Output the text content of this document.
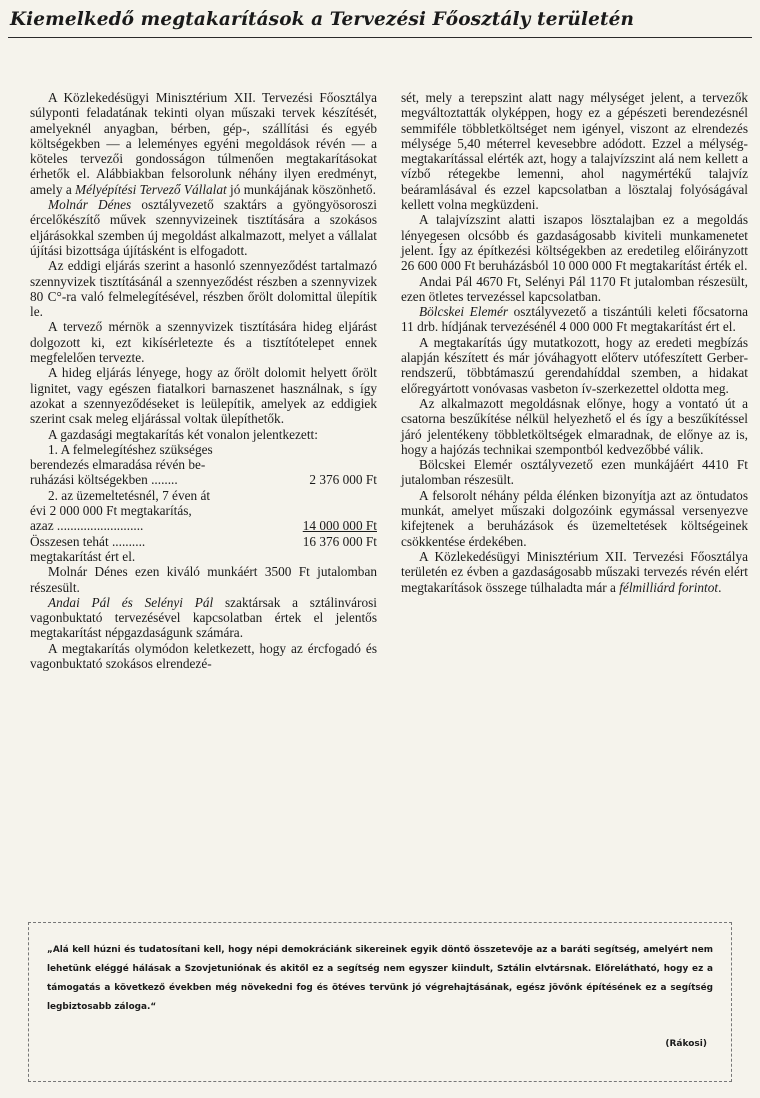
Kiemelkedő megtakarítások a Tervezési Főosztály területén

A Közlekedésügyi Minisztérium XII. Tervezési Főosztálya súlyponti feladatának tekinti olyan műszaki tervek készítését, amelyeknél anyagban, bérben, gép-, szállítási és egyéb költségekben — a leleményes egyéni megoldások révén — a köteles tervezői gondosságon túlmenően megtakarításokat érhetők el. Alábbiakban felsorolunk néhány ilyen eredményt, amely a Mélyépítési Tervező Vállalat jó munkájának köszönhető.

Molnár Dénes osztályvezető szaktárs a gyöngyösoroszi ércelőkészítő művek szennyvizeinek tisztítására a szokásos eljárásokkal szemben új megoldást alkalmazott, melyet a vállalat újítási bizottsága újításként is elfogadott.

Az eddigi eljárás szerint a hasonló szennyeződést tartalmazó szennyvizek tisztításánál a szennyeződést részben a szennyvizek 80 C°-ra való felmelegítésével, részben őrölt dolomittal ülepítik le.

A tervező mérnök a szennyvizek tisztítására hideg eljárást dolgozott ki, ezt kikísérletezte és a tisztítótelepet ennek megfelelően tervezte.

A hideg eljárás lényege, hogy az őrölt dolomit helyett őrölt lignitet, vagy egészen fiatalkori barnaszenet használnak, s így azokat a szennyeződéseket is leülepítik, amelyek az eddigiek szerint csak meleg eljárással voltak ülepíthetők.

A gazdasági megtakarítás két vonalon jelentkezett:

1. A felmelegítéshez szükséges
berendezés elmaradása révén be-
ruházási költségekben ........	2 376 000 Ft
2. az üzemeltetésnél, 7 éven át
évi 2 000 000 Ft megtakarítás,
azaz ..........................	14 000 000 Ft
Összesen tehát ..........	16 376 000 Ft

megtakarítást ért el.

Molnár Dénes ezen kiváló munkáért 3500 Ft jutalomban részesült.

Andai Pál és Selényi Pál szaktársak a sztálinvárosi vagonbuktató tervezésével kapcsolatban értek el jelentős megtakarítást népgazdaságunk számára.

A megtakarítás olymódon keletkezett, hogy az ércfogadó és vagonbuktató szokásos elrendezé-

sét, mely a terepszint alatt nagy mélységet jelent, a tervezők megváltoztatták olyképpen, hogy ez a gépészeti berendezésnél semmiféle többletköltséget nem igényel, viszont az elrendezés mélysége 5,40 méterrel kevesebbre adódott. Ezzel a mélység-megtakarítással elérték azt, hogy a talajvízszint alá nem kellett a vízbő rétegekbe lemenni, ahol nagymértékű talajvíz beáramlásával és ezzel kapcsolatban a lösztalaj folyóságával kellett volna megküzdeni.

A talajvízszint alatti iszapos lösztalajban ez a megoldás lényegesen olcsóbb és gazdaságosabb kiviteli munkamenetet jelent. Így az építkezési költségekben az eredetileg előirányzott 26 600 000 Ft beruházásból 10 000 000 Ft megtakarítást érték el.

Andai Pál 4670 Ft, Selényi Pál 1170 Ft jutalomban részesült, ezen ötletes tervezéssel kapcsolatban.

Bölcskei Elemér osztályvezető a tiszántúli keleti főcsatorna 11 drb. hídjának tervezésénél 4 000 000 Ft megtakarítást ért el.

A megtakarítás úgy mutatkozott, hogy az eredeti megbízás alapján készített és már jóváhagyott előterv utófeszített Gerber-rendszerű, többtámaszú gerendahíddal szemben, a hidakat előregyártott vonóvasas vasbeton ív-szerkezettel oldotta meg.

Az alkalmazott megoldásnak előnye, hogy a vontató út a csatorna beszűkítése nélkül helyezhető el és így a beszűkítéssel járó jelentékeny többletköltségek elmaradnak, de előnye az is, hogy a hajózás technikai szempontból kedvezőbbé válik.

Bölcskei Elemér osztályvezető ezen munkájáért 4410 Ft jutalomban részesült.

A felsorolt néhány példa élénken bizonyítja azt az öntudatos munkát, amelyet műszaki dolgozóink egymással versenyezve kifejtenek a beruházások és üzemeltetések költségeinek csökkentése érdekében.

A Közlekedésügyi Minisztérium XII. Tervezési Főosztálya területén ez évben a gazdaságosabb műszaki tervezés révén elért megtakarítások összege túlhaladta már a félmilliárd forintot.

„Alá kell húzni és tudatosítani kell, hogy népi demokráciánk sikereinek egyik döntő összetevője az a baráti segítség, amelyért nem lehetünk eléggé hálásak a Szovjetuniónak és akitől ez a segítség nem egyszer kiindult, Sztálin elvtársnak. Előrelátható, hogy ez a támogatás a következő években még növekedni fog és ötéves tervünk jó végrehajtásának, egész jövőnk építésének ez a segítség legbiztosabb záloga.“
(Rákosi)
